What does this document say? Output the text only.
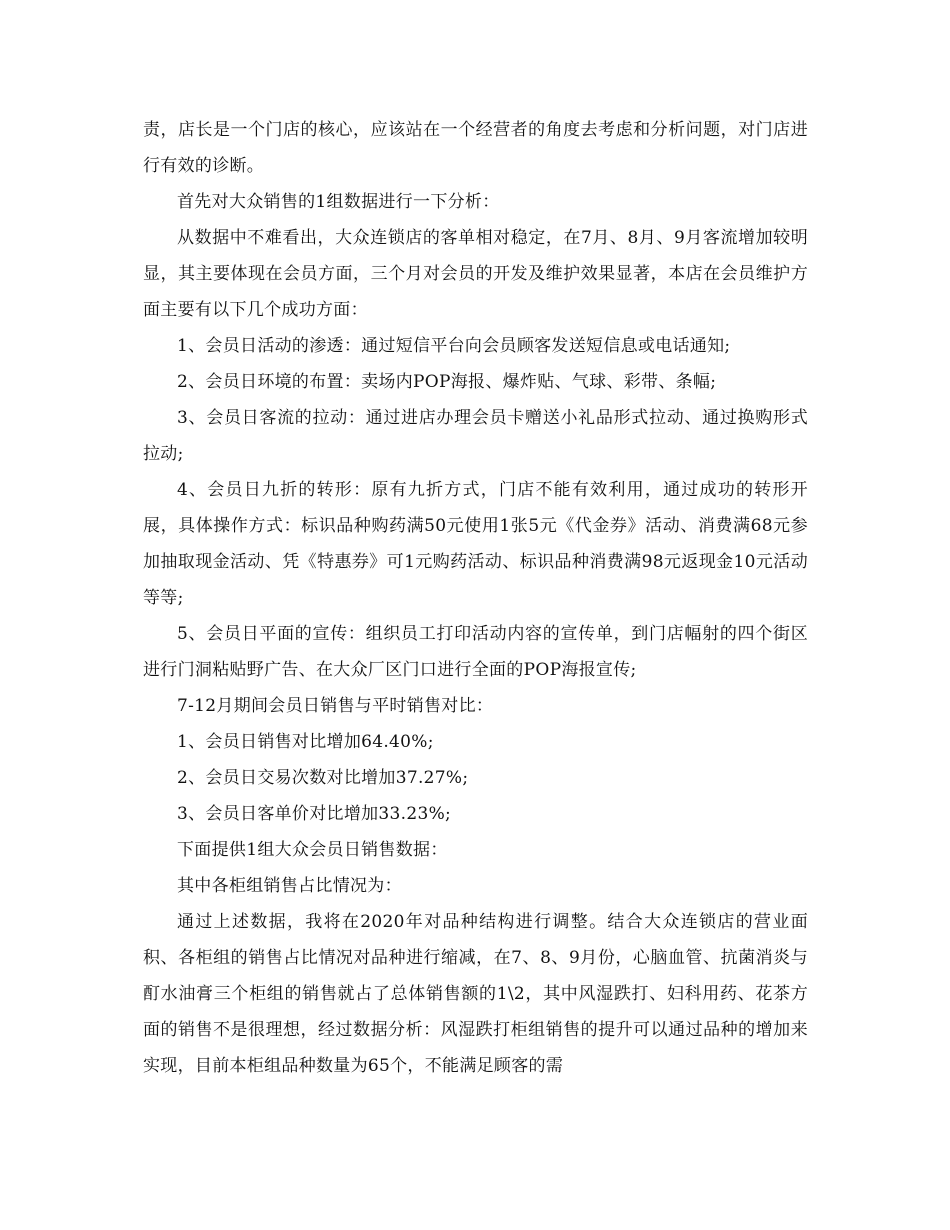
责，店长是一个门店的核心，应该站在一个经营者的角度去考虑和分析问题，对门店进行有效的诊断。

首先对大众销售的1组数据进行一下分析：

从数据中不难看出，大众连锁店的客单相对稳定，在7月、8月、9月客流增加较明显，其主要体现在会员方面，三个月对会员的开发及维护效果显著，本店在会员维护方面主要有以下几个成功方面：

1、会员日活动的渗透：通过短信平台向会员顾客发送短信息或电话通知;

2、会员日环境的布置：卖场内POP海报、爆炸贴、气球、彩带、条幅;

3、会员日客流的拉动：通过进店办理会员卡赠送小礼品形式拉动、通过换购形式拉动;

4、会员日九折的转形：原有九折方式，门店不能有效利用，通过成功的转形开展，具体操作方式：标识品种购药满50元使用1张5元《代金券》活动、消费满68元参加抽取现金活动、凭《特惠券》可1元购药活动、标识品种消费满98元返现金10元活动等等;

5、会员日平面的宣传：组织员工打印活动内容的宣传单，到门店幅射的四个街区进行门洞粘贴野广告、在大众厂区门口进行全面的POP海报宣传;

7-12月期间会员日销售与平时销售对比：

1、会员日销售对比增加64.40%;

2、会员日交易次数对比增加37.27%;

3、会员日客单价对比增加33.23%;

下面提供1组大众会员日销售数据：

其中各柜组销售占比情况为：

通过上述数据，我将在2020年对品种结构进行调整。结合大众连锁店的营业面积、各柜组的销售占比情况对品种进行缩减，在7、8、9月份，心脑血管、抗菌消炎与酊水油膏三个柜组的销售就占了总体销售额的1\2，其中风湿跌打、妇科用药、花茶方面的销售不是很理想，经过数据分析：风湿跌打柜组销售的提升可以通过品种的增加来实现，目前本柜组品种数量为65个，不能满足顾客的需
